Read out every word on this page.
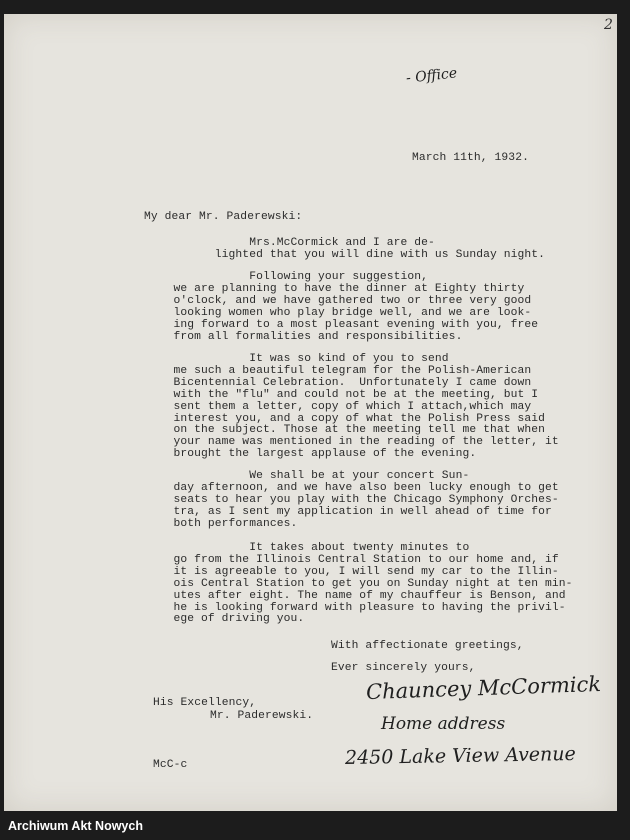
2
- Office

March 11th, 1932.

My dear Mr. Paderewski:

Mrs.McCormick and I are de-
lighted that you will dine with us Sunday night.

Following your suggestion,
we are planning to have the dinner at Eighty thirty
o'clock, and we have gathered two or three very good
looking women who play bridge well, and we are look-
ing forward to a most pleasant evening with you, free
from all formalities and responsibilities.

It was so kind of you to send
me such a beautiful telegram for the Polish-American
Bicentennial Celebration.  Unfortunately I came down
with the "flu" and could not be at the meeting, but I
sent them a letter, copy of which I attach,which may
interest you, and a copy of what the Polish Press said
on the subject. Those at the meeting tell me that when
your name was mentioned in the reading of the letter, it
brought the largest applause of the evening.

We shall be at your concert Sun-
day afternoon, and we have also been lucky enough to get
seats to hear you play with the Chicago Symphony Orches-
tra, as I sent my application in well ahead of time for
both performances.

It takes about twenty minutes to
go from the Illinois Central Station to our home and, if
it is agreeable to you, I will send my car to the Illin-
ois Central Station to get you on Sunday night at ten min-
utes after eight. The name of my chauffeur is Benson, and
he is looking forward with pleasure to having the privil-
ege of driving you.

With affectionate greetings,

Ever sincerely yours,

Chauncey McCormick

His Excellency,

Mr. Paderewski.	Home address
2450 Lake View Avenue

McC-c

Archiwum Akt Nowych
